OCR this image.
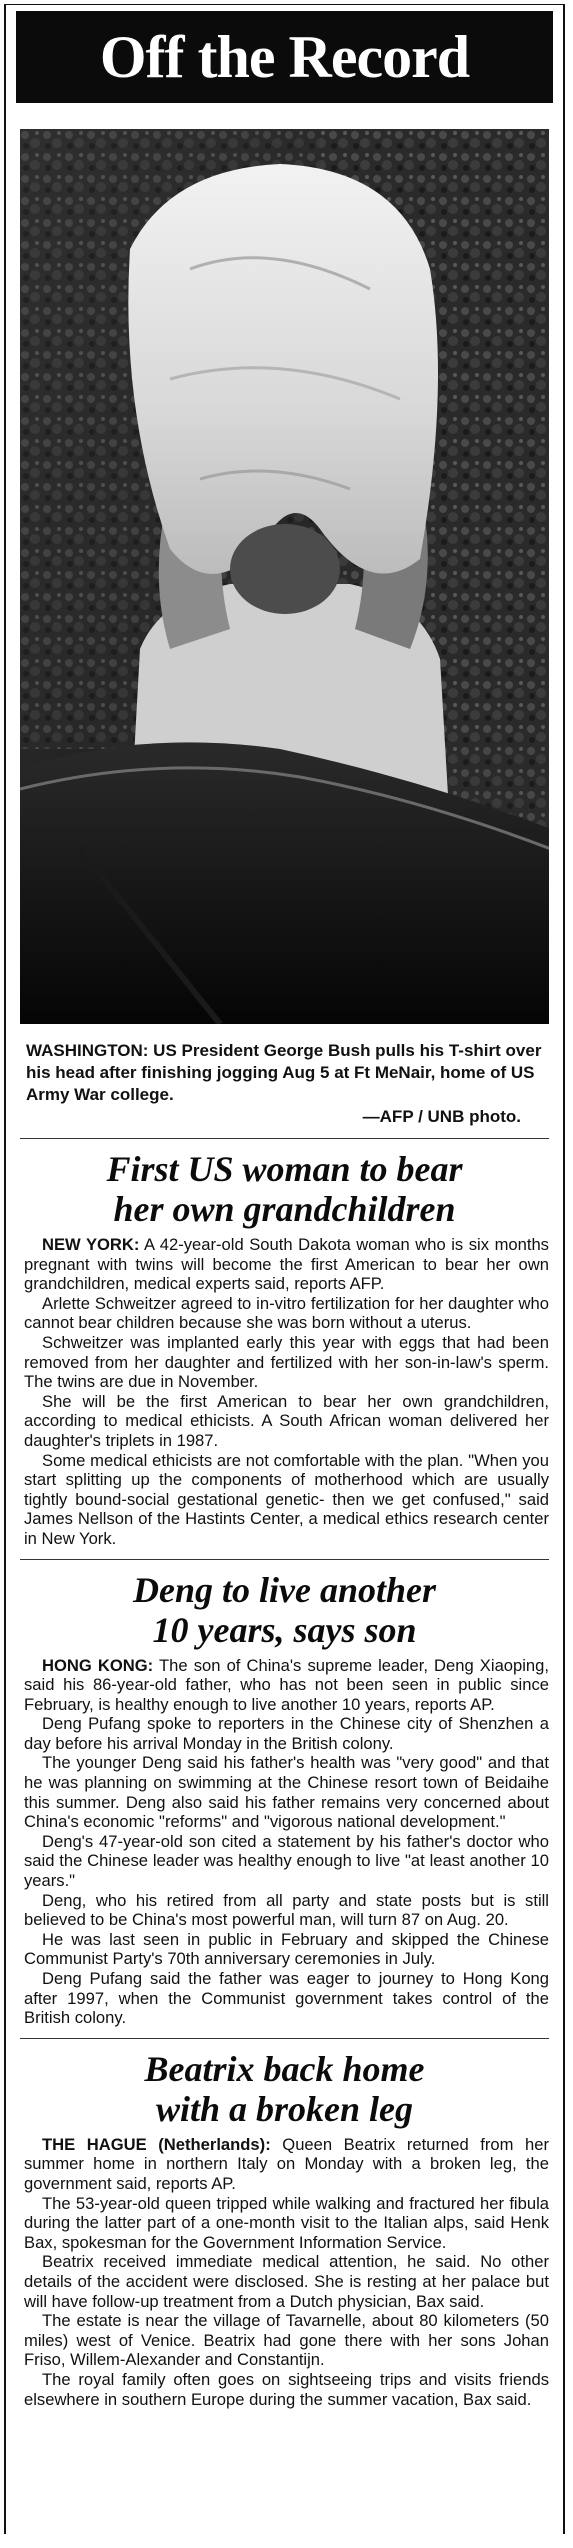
Off the Record
WASHINGTON: US President George Bush pulls his T-shirt over his head after finishing jogging Aug 5 at Ft MeNair, home of US Army War college.
—AFP / UNB photo.
First US woman to bear
her own grandchildren

NEW YORK: A 42-year-old South Dakota woman who is six months pregnant with twins will become the first American to bear her own grandchildren, medical experts said, reports AFP.

Arlette Schweitzer agreed to in-vitro fertilization for her daughter who cannot bear children because she was born without a uterus.

Schweitzer was implanted early this year with eggs that had been removed from her daughter and fertilized with her son-in-law's sperm. The twins are due in November.

She will be the first American to bear her own grandchildren, according to medical ethicists. A South African woman delivered her daughter's triplets in 1987.

Some medical ethicists are not comfortable with the plan. "When you start splitting up the components of motherhood which are usually tightly bound-social gestational genetic- then we get confused," said James Nellson of the Hastints Center, a medical ethics research center in New York.

Deng to live another
10 years, says son

HONG KONG: The son of China's supreme leader, Deng Xiaoping, said his 86-year-old father, who has not been seen in public since February, is healthy enough to live another 10 years, reports AP.

Deng Pufang spoke to reporters in the Chinese city of Shenzhen a day before his arrival Monday in the British colony.

The younger Deng said his father's health was "very good" and that he was planning on swimming at the Chinese resort town of Beidaihe this summer. Deng also said his father remains very concerned about China's economic "reforms" and "vigorous national development."

Deng's 47-year-old son cited a statement by his father's doctor who said the Chinese leader was healthy enough to live "at least another 10 years."

Deng, who his retired from all party and state posts but is still believed to be China's most powerful man, will turn 87 on Aug. 20.

He was last seen in public in February and skipped the Chinese Communist Party's 70th anniversary ceremonies in July.

Deng Pufang said the father was eager to journey to Hong Kong after 1997, when the Communist government takes control of the British colony.

Beatrix back home
with a broken leg

THE HAGUE (Netherlands): Queen Beatrix returned from her summer home in northern Italy on Monday with a broken leg, the government said, reports AP.

The 53-year-old queen tripped while walking and fractured her fibula during the latter part of a one-month visit to the Italian alps, said Henk Bax, spokesman for the Government Information Service.

Beatrix received immediate medical attention, he said. No other details of the accident were disclosed. She is resting at her palace but will have follow-up treatment from a Dutch physician, Bax said.

The estate is near the village of Tavarnelle, about 80 kilometers (50 miles) west of Venice. Beatrix had gone there with her sons Johan Friso, Willem-Alexander and Constantijn.

The royal family often goes on sightseeing trips and visits friends elsewhere in southern Europe during the summer vacation, Bax said.
